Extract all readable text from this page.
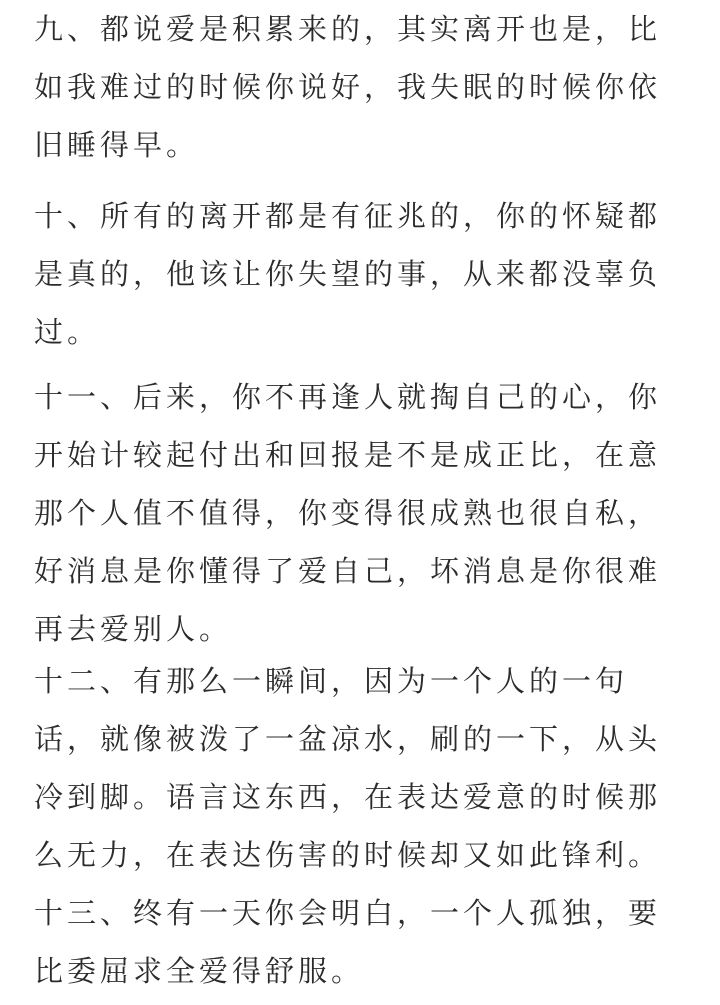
九、都说爱是积累来的，其实离开也是，比
如我难过的时候你说好，我失眠的时候你依
旧睡得早。
十、所有的离开都是有征兆的，你的怀疑都
是真的，他该让你失望的事，从来都没辜负
过。
十一、后来，你不再逢人就掏自己的心，你
开始计较起付出和回报是不是成正比，在意
那个人值不值得，你变得很成熟也很自私，
好消息是你懂得了爱自己，坏消息是你很难
再去爱别人。
十二、有那么一瞬间，因为一个人的一句
话，就像被泼了一盆凉水，刷的一下，从头
冷到脚。语言这东西，在表达爱意的时候那
么无力，在表达伤害的时候却又如此锋利。
十三、终有一天你会明白，一个人孤独，要
比委屈求全爱得舒服。
